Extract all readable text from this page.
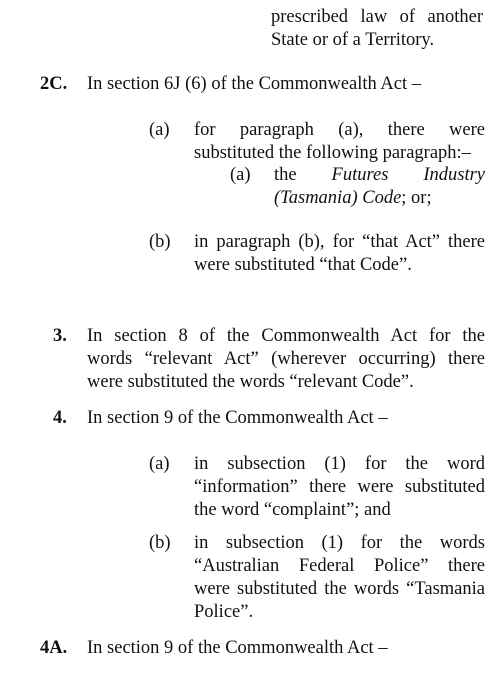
prescribed law of another
State or of a Territory.
2C. In section 6J (6) of the Commonwealth Act –
(a) for paragraph (a), there were
substituted the following paragraph:–
(a) the Futures Industry
(Tasmania) Code; or;
(b) in paragraph (b), for “that Act” there
were substituted “that Code”.
3. In section 8 of the Commonwealth Act for the
words “relevant Act” (wherever occurring) there
were substituted the words “relevant Code”.
4. In section 9 of the Commonwealth Act –
(a) in subsection (1) for the word
“information” there were substituted
the word “complaint”; and
(b) in subsection (1) for the words
“Australian Federal Police” there
were substituted the words “Tasmania
Police”.
4A. In section 9 of the Commonwealth Act –
